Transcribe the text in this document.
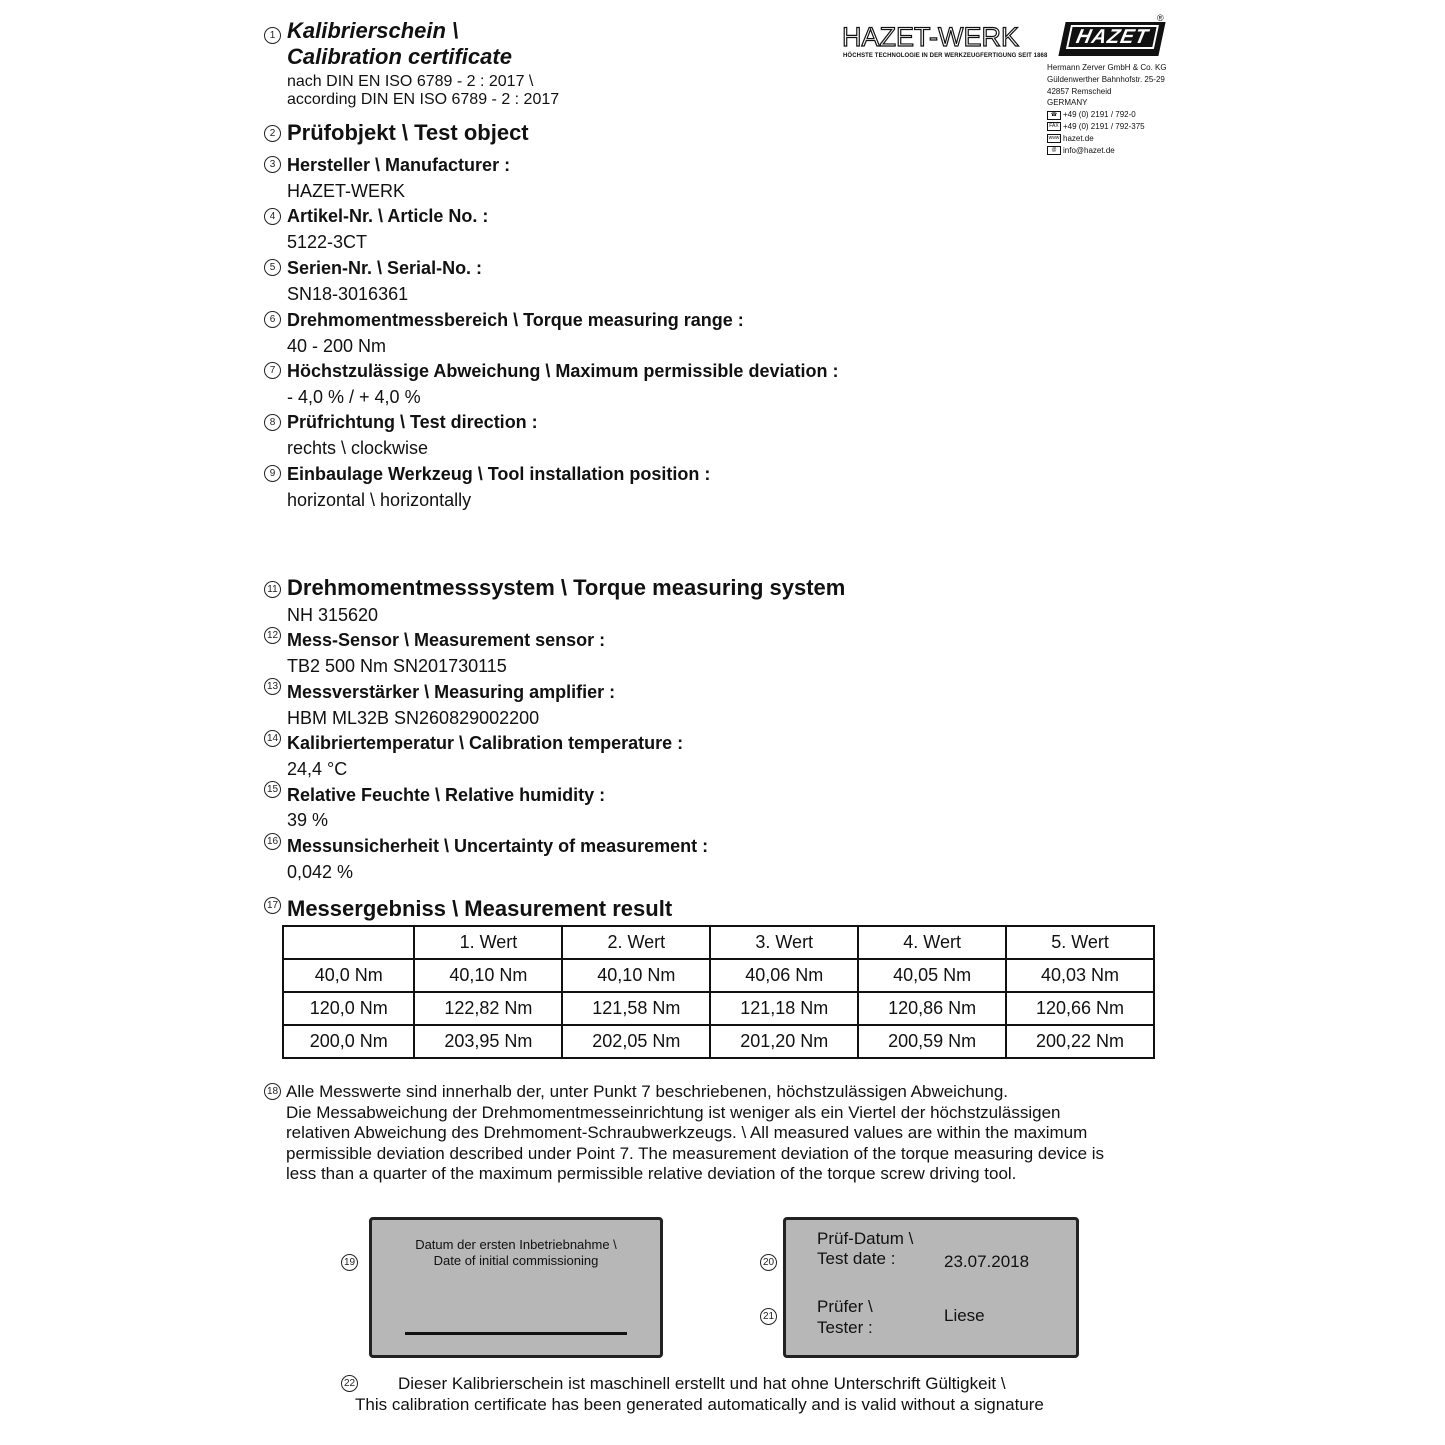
1 Kalibrierschein \
Calibration certificate
nach DIN EN ISO 6789 - 2 : 2017 \
according DIN EN ISO 6789 - 2 : 2017
HAZET-WERK
HÖCHSTE TECHNOLOGIE IN DER WERKZEUGFERTIGUNG SEIT 1868
HAZET
®
Hermann Zerver GmbH & Co. KG
Güldenwerther Bahnhofstr. 25-29
42857 Remscheid
GERMANY
☎ +49 (0) 2191 / 792-0
FAX +49 (0) 2191 / 792-375
www hazet.de
@ info@hazet.de
2 Prüfobjekt \ Test object
3 Hersteller \ Manufacturer :
HAZET-WERK
4 Artikel-Nr. \ Article No. :
5122-3CT
5 Serien-Nr. \ Serial-No. :
SN18-3016361
6 Drehmomentmessbereich \ Torque measuring range :
40 - 200 Nm
7 Höchstzulässige Abweichung \ Maximum permissible deviation :
- 4,0 % / + 4,0 %
8 Prüfrichtung \ Test direction :
rechts \ clockwise
9 Einbaulage Werkzeug \ Tool installation position :
horizontal \ horizontally
11 Drehmomentmesssystem \ Torque measuring system
NH 315620
12 Mess-Sensor \ Measurement sensor :
TB2 500 Nm SN201730115
13 Messverstärker \ Measuring amplifier :
HBM ML32B SN260829002200
14 Kalibriertemperatur \ Calibration temperature :
24,4 °C
15 Relative Feuchte \ Relative humidity :
39 %
16 Messunsicherheit \ Uncertainty of measurement :
0,042 %
17 Messergebniss \ Measurement result
	1. Wert	2. Wert	3. Wert	4. Wert	5. Wert
40,0 Nm	40,10 Nm	40,10 Nm	40,06 Nm	40,05 Nm	40,03 Nm
120,0 Nm	122,82 Nm	121,58 Nm	121,18 Nm	120,86 Nm	120,66 Nm
200,0 Nm	203,95 Nm	202,05 Nm	201,20 Nm	200,59 Nm	200,22 Nm
18 Alle Messwerte sind innerhalb der, unter Punkt 7 beschriebenen, höchstzulässigen Abweichung.
Die Messabweichung der Drehmomentmesseinrichtung ist weniger als ein Viertel der höchstzulässigen
relativen Abweichung des Drehmoment-Schraubwerkzeugs. \ All measured values are within the maximum
permissible deviation described under Point 7. The measurement deviation of the torque measuring device is
less than a quarter of the maximum permissible relative deviation of the torque screw driving tool.
19
Datum der ersten Inbetriebnahme \
Date of initial commissioning	20
21
Prüf-Datum \
Test date :	23.07.2018
Prüfer \
Tester :
Liese
22	Dieser Kalibrierschein ist maschinell erstellt und hat ohne Unterschrift Gültigkeit \
This calibration certificate has been generated automatically and is valid without a signature
